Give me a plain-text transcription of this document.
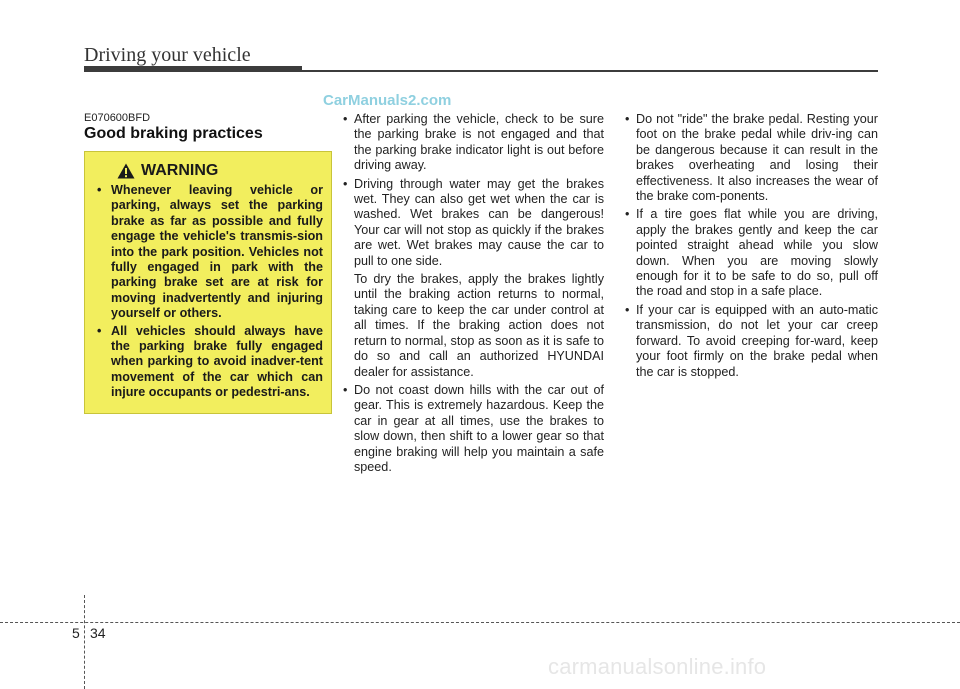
Driving your vehicle
CarManuals2.com
E070600BFD
Good braking practices
WARNING
• Whenever leaving vehicle or parking, always set the parking brake as far as possible and fully engage the vehicle's transmis-sion into the park position. Vehicles not fully engaged in park with the parking brake set are at risk for moving inadvertently and injuring yourself or others.
• All vehicles should always have the parking brake fully engaged when parking to avoid inadver-tent movement of the car which can injure occupants or pedestri-ans.
• After parking the vehicle, check to be sure the parking brake is not engaged and that the parking brake indicator light is out before driving away.
• Driving through water may get the brakes wet. They can also get wet when the car is washed. Wet brakes can be dangerous! Your car will not stop as quickly if the brakes are wet. Wet brakes may cause the car to pull to one side.
To dry the brakes, apply the brakes lightly until the braking action returns to normal, taking care to keep the car under control at all times. If the braking action does not return to normal, stop as soon as it is safe to do so and call an authorized HYUNDAI dealer for assistance.
• Do not coast down hills with the car out of gear. This is extremely hazardous. Keep the car in gear at all times, use the brakes to slow down, then shift to a lower gear so that engine braking will help you maintain a safe speed.
• Do not "ride" the brake pedal. Resting your foot on the brake pedal while driv-ing can be dangerous because it can result in the brakes overheating and losing their effectiveness. It also increases the wear of the brake com-ponents.
• If a tire goes flat while you are driving, apply the brakes gently and keep the car pointed straight ahead while you slow down. When you are moving slowly enough for it to be safe to do so, pull off the road and stop in a safe place.
• If your car is equipped with an auto-matic transmission, do not let your car creep forward. To avoid creeping for-ward, keep your foot firmly on the brake pedal when the car is stopped.
5 34
carmanualsonline.info
